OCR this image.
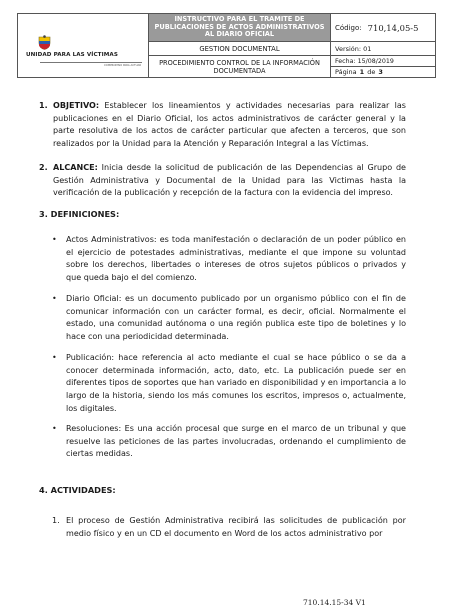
UNIDAD PARA LAS VÍCTIMAS
COMPROMISO PARA ACTUAR
INSTRUCTIVO PARA EL TRAMITE DE PUBLICACIONES DE ACTOS ADMINISTRATIVOS AL DIARIO OFICIAL
GESTION DOCUMENTAL
PROCEDIMIENTO CONTROL DE LA INFORMACIÓN DOCUMENTADA
Código: 710,14,05-5
Versión: 01
Fecha: 15/08/2019
Página 1 de 3
1. OBJETIVO: Establecer los lineamientos y actividades necesarias para realizar las publicaciones en el Diario Oficial, los actos administrativos de carácter general y la parte resolutiva de los actos de carácter particular que afecten a terceros, que son realizados por la Unidad para la Atención y Reparación Integral a las Víctimas.
2. ALCANCE: Inicia desde la solicitud de publicación de las Dependencias al Grupo de Gestión Administrativa y Documental de la Unidad para las Victimas hasta la verificación de la publicación y recepción de la factura con la evidencia del impreso.
3. DEFINICIONES:
• Actos Administrativos: es toda manifestación o declaración de un poder público en el ejercicio de potestades administrativas, mediante el que impone su voluntad sobre los derechos, libertades o intereses de otros sujetos públicos o privados y que queda bajo el del comienzo.
• Diario Oficial: es un documento publicado por un organismo público con el fin de comunicar información con un carácter formal, es decir, oficial. Normalmente el estado, una comunidad autónoma o una región publica este tipo de boletines y lo hace con una periodicidad determinada.
• Publicación: hace referencia al acto mediante el cual se hace público o se da a conocer determinada información, acto, dato, etc. La publicación puede ser en diferentes tipos de soportes que han variado en disponibilidad y en importancia a lo largo de la historia, siendo los más comunes los escritos, impresos o, actualmente, los digitales.
• Resoluciones: Es una acción procesal que surge en el marco de un tribunal y que resuelve las peticiones de las partes involucradas, ordenando el cumplimiento de ciertas medidas.
4. ACTIVIDADES:
1. El proceso de Gestión Administrativa recibirá las solicitudes de publicación por medio físico y en un CD el documento en Word de los actos administrativo por
710.14.15-34 V1
